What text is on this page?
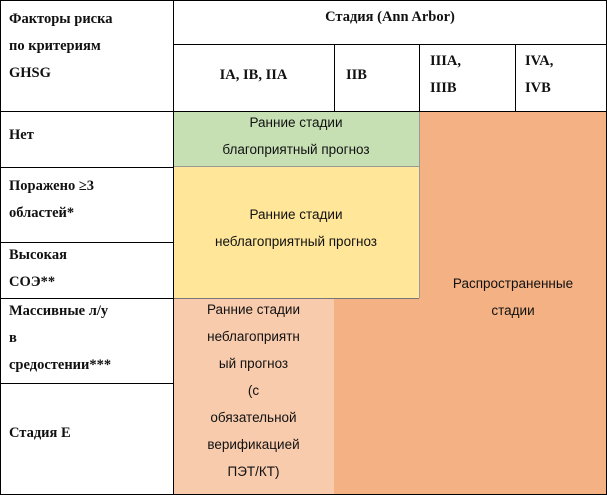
Факторы риска
по критериям
GHSG
Стадия (Ann Arbor)
IA, IB, IIA	IIB
IIIA,
IIIB
IVA,
IVB
Нет
Поражено ≥3
областей*
Высокая
СОЭ**
Массивные л/у
в
средостении***
Стадия Е
Ранние стадии
благоприятный прогноз
Ранние стадии
неблагоприятный прогноз
Ранние стадии
неблагоприятн
ый прогноз
(с
обязательной
верификацией
ПЭТ/КТ)
Распространенные
стадии
